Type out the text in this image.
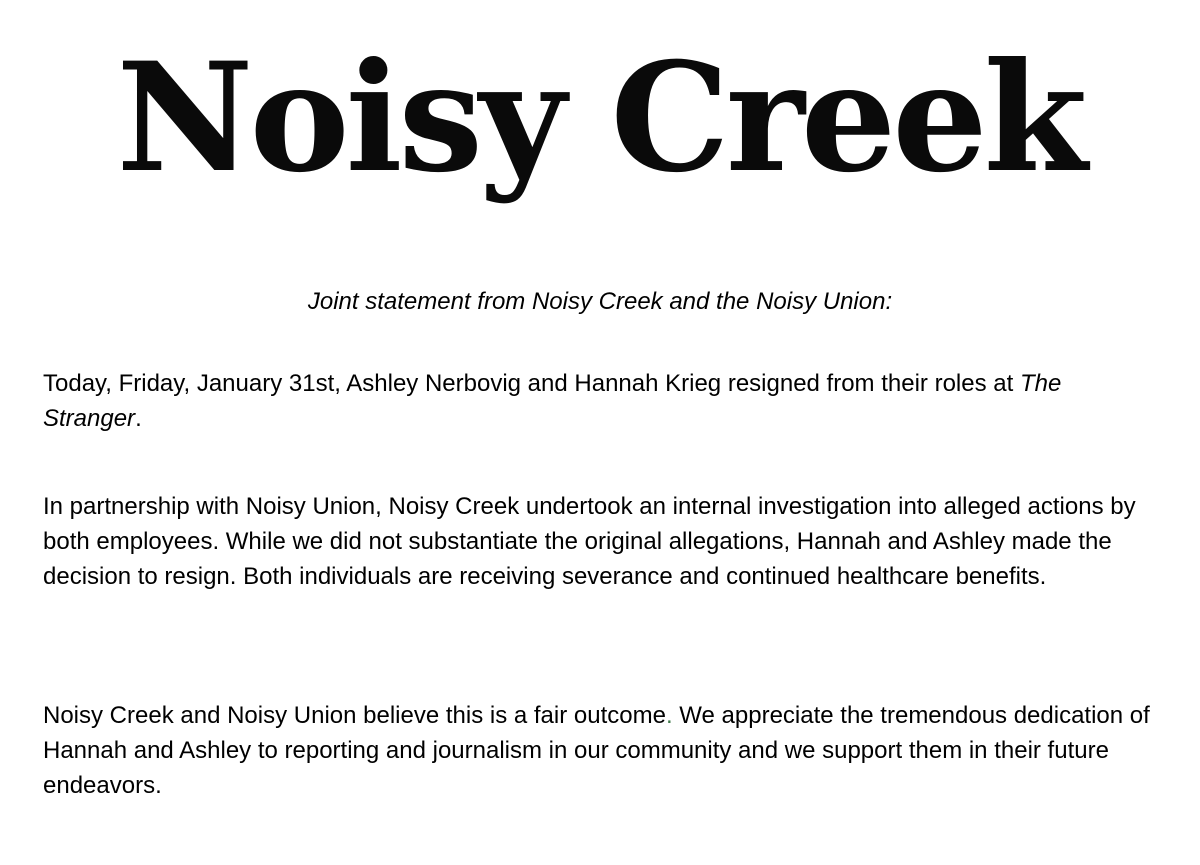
Noisy Creek
Joint statement from Noisy Creek and the Noisy Union:
Today, Friday, January 31st, Ashley Nerbovig and Hannah Krieg resigned from their roles at The Stranger.
In partnership with Noisy Union, Noisy Creek undertook an internal investigation into alleged actions by both employees. While we did not substantiate the original allegations, Hannah and Ashley made the decision to resign. Both individuals are receiving severance and continued healthcare benefits.
Noisy Creek and Noisy Union believe this is a fair outcome. We appreciate the tremendous dedication of Hannah and Ashley to reporting and journalism in our community and we support them in their future endeavors.
